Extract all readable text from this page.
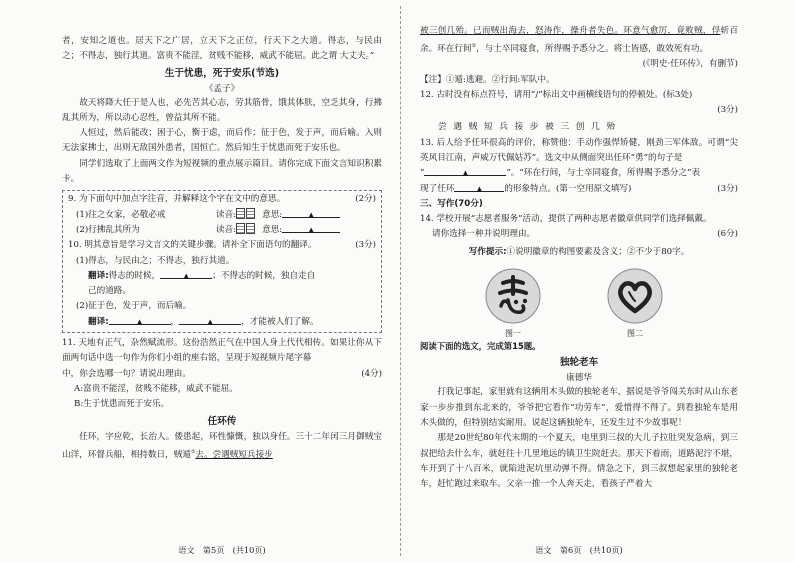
者，安知之道也。居天下之广居，立天下之正位，行天下之大道。得志，与民由 之；不得志，独行其道。富贵不能淫，贫贱不能移，威武不能屈。此之谓 大丈夫。”

生于忧患，死于安乐(节选)
《孟子》

故天将降大任于是人也，必先苦其心志，劳其筋骨，饿其体肤，空乏其身，行拂乱其所为，所以动心忍性，曾益其所不能。

人恒过，然后能改；困于心，衡于虑，而后作；征于色，发于声，而后喻。入则无法家拂士，出则无敌国外患者，国恒亡。然后知生于忧患而死于安乐也。

同学们选取了上面两文作为短视频的重点展示篇目。请你完成下面文言知识积累卡。

9. 为下面句中加点字注音，并解释这个字在文中的意思。	(2分)
(1)往之女家，必敬必戒	读音:	意思:	▲
(2)行拂乱其所为	读音:	意思:	▲
10. 明其意旨是学习文言文的关键步骤。请补全下面语句的翻译。	(3分)
(1)得志，与民由之；不得志，独行其道。
翻译:得志的时候，	▲	；不得志的时候，独自走自
己的道路。
(2)征于色，发于声，而后喻。
翻译:	▲	，	▲	，才能被人们了解。

11. 天地有正气，杂然赋流形。这份浩然正气在中国人身上代代相传。如果让你从下面两句话中选一句作为你们小组的座右铭，呈现于短视频片尾字幕

中，你会选哪一句？请说出理由。	(4分)
A:富贵不能淫，贫贱不能移，威武不能屈。
B:生于忧患而死于安乐。
任环传

任环，字应乾，长治人。倭患起，环性慷慨，独以身任。三十二年闰三月御贼宝山洋，环督兵船，相持数日，贼遁①去。尝遇贼短兵接步

语文　第5页　(共10页)

被三创几殆。已而贼出海去，怒涛作，操舟者失色。环意气愈厉，竟败贼，俘斩百余。环在行间②，与士卒同寝食，所得赐予悉分之。将士皆感，敢效死有功。

(《明史·任环传》，有删节)
【注】①遁:逃避。②行间:军队中。
12. 古时没有标点符号，请用“/”标出文中画横线语句的停顿处。(标3处)
(3分)
尝遇贼短兵接步被三创几殆

13. 后人给予任环很高的评价，称赞他：手动作强悍矫健，刚劲三军体敌。可谓“尖英风目江南，声威万代佩姑苏”。选文中从侧面突出任环“勇”的句子是

“	▲	”。“环在行间，与士卒同寝食，所得赐予悉分之”表
现了任环	▲	的形象特点。(第一空用原文填写)	(3分)
三、写作(70分)

14. 学校开展“志愿者服务”活动，提供了两种志愿者徽章供同学们选择佩戴。

请你选择一种并说明理由。	(6分)
写作提示:①说明徽章的构图要素及含义；②不少于80字。
图一	图二
阅读下面的选文，完成第15题。
独轮老车
康德华

打我记事起，家里就有这辆用木头做的独轮老车，据说是爷爷闯关东时从山东老家一步步推到东北来的，爷爷把它看作“功劳车”，爱惜得不得了。到看独轮车是用木头做的，但特别结实耐用。说起这辆独轮车，还发生过不少故事呢！

那是20世纪80年代末期的一个夏天，电里到三叔的大儿子拉肚突发急病，到三叔把给去什么车，就赶往十几里地远的镇卫生院赶去。那天下着雨，道路泥泞不堪，车开到了十八百米，就陷进泥坑里动弹不得。情急之下，到三叔想起家里的独轮老车，赶忙跑过来取车。父亲一推一个人奔天走，看孩子严着大

语文　第6页　(共10页)
